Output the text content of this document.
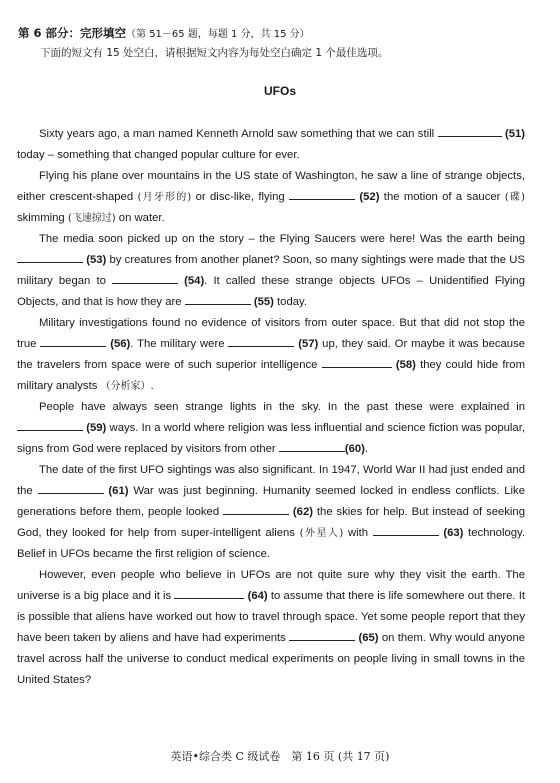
第 6 部分：完形填空（第 51－65 题，每题 1 分，共 15 分）
下面的短文有 15 处空白，请根据短文内容为每处空白确定 1 个最佳选项。
UFOs

Sixty years ago, a man named Kenneth Arnold saw something that we can still	(51) today – something that changed popular culture for ever.

Flying his plane over mountains in the US state of Washington, he saw a line of strange objects, either crescent-shaped (月牙形的) or disc-like, flying	(52) the motion of a saucer (碟) skimming (飞速掠过) on water.

The media soon picked up on the story – the Flying Saucers were here! Was the earth being  (53) by creatures from another planet? Soon, so many sightings were made that the US military began to	(54). It called these strange objects UFOs – Unidentified Flying Objects, and that is how they are	(55) today.

Military investigations found no evidence of visitors from outer space. But that did not stop the true	(56). The military were	(57) up, they said. Or maybe it was because the travelers from space were of such superior intelligence	(58) they could hide from military analysts （分析家）.

People have always seen strange lights in the sky. In the past these were explained in  (59) ways. In a world where religion was less influential and science fiction was popular, signs from God were replaced by visitors from other	(60).

The date of the first UFO sightings was also significant. In 1947, World War II had just ended and the	(61) War was just beginning. Humanity seemed locked in endless conflicts. Like generations before them, people looked	(62) the skies for help. But instead of seeking God, they looked for help from super-intelligent aliens (外星人) with	(63) technology. Belief in UFOs became the first religion of science.

However, even people who believe in UFOs are not quite sure why they visit the earth. The universe is a big place and it is	(64) to assume that there is life somewhere out there. It is possible that aliens have worked out how to travel through space. Yet some people report that they have been taken by aliens and have had experiments	(65) on them. Why would anyone travel across half the universe to conduct medical experiments on people living in small towns in the United States?

英语•综合类 C 级试卷　第 16 页 (共 17 页)
